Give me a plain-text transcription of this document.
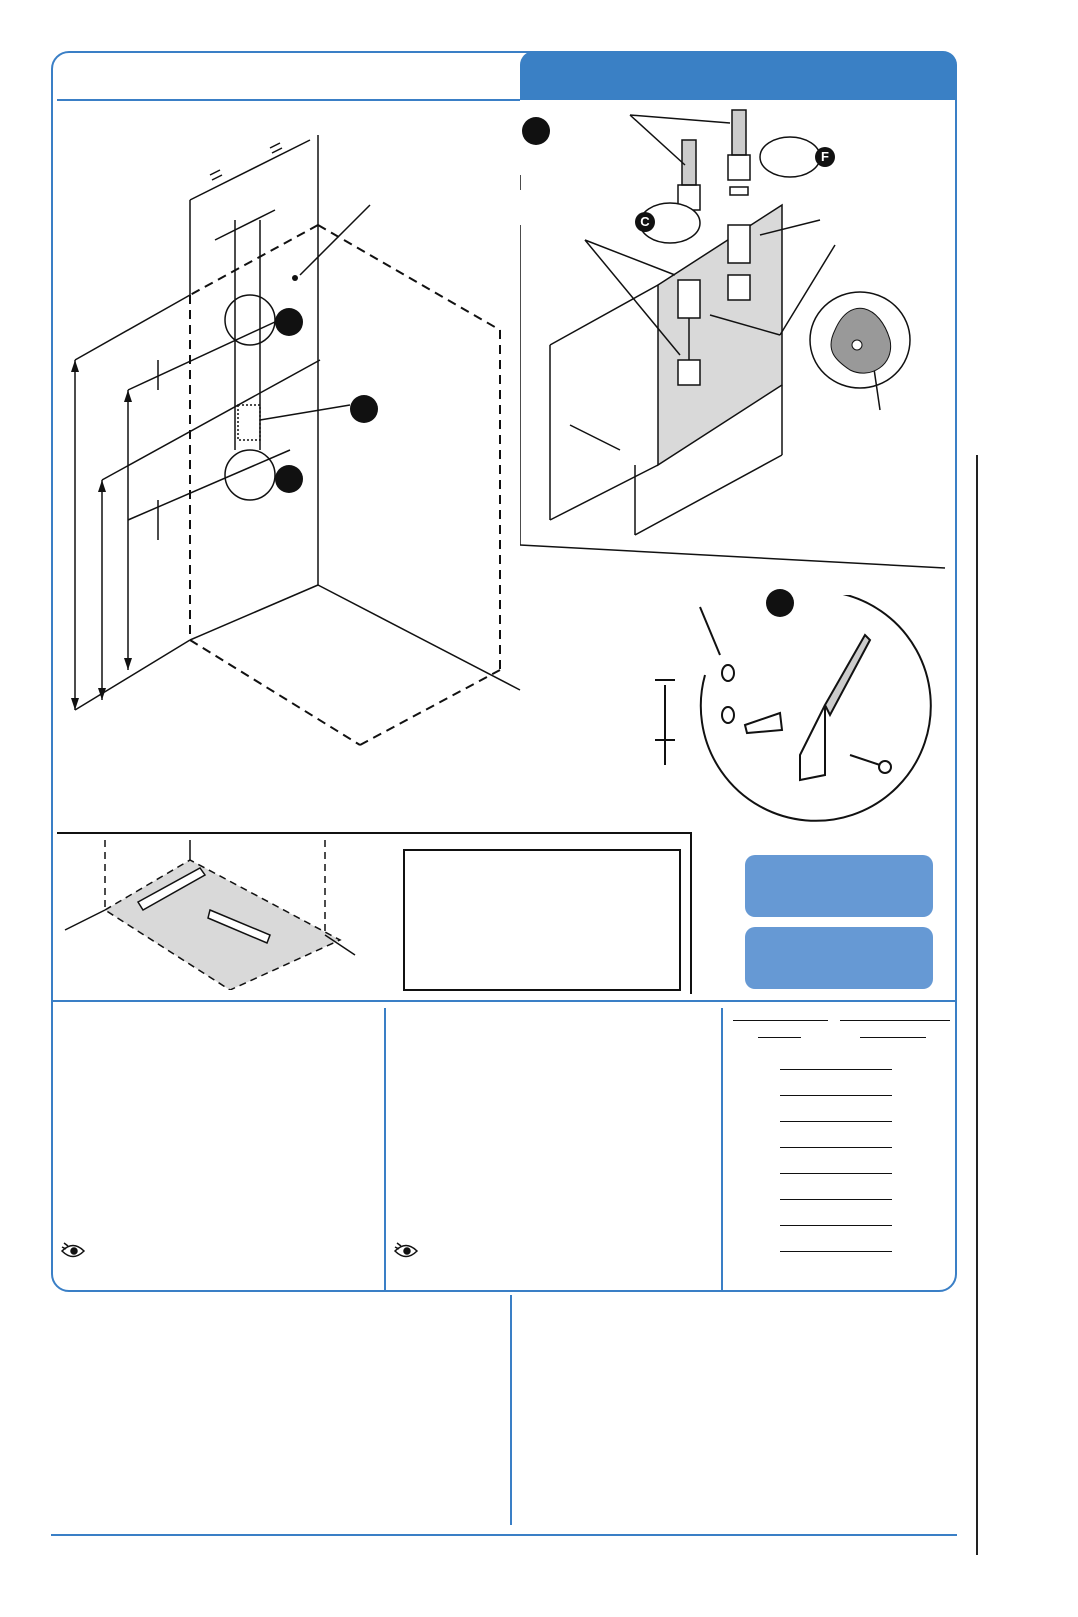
C
F
